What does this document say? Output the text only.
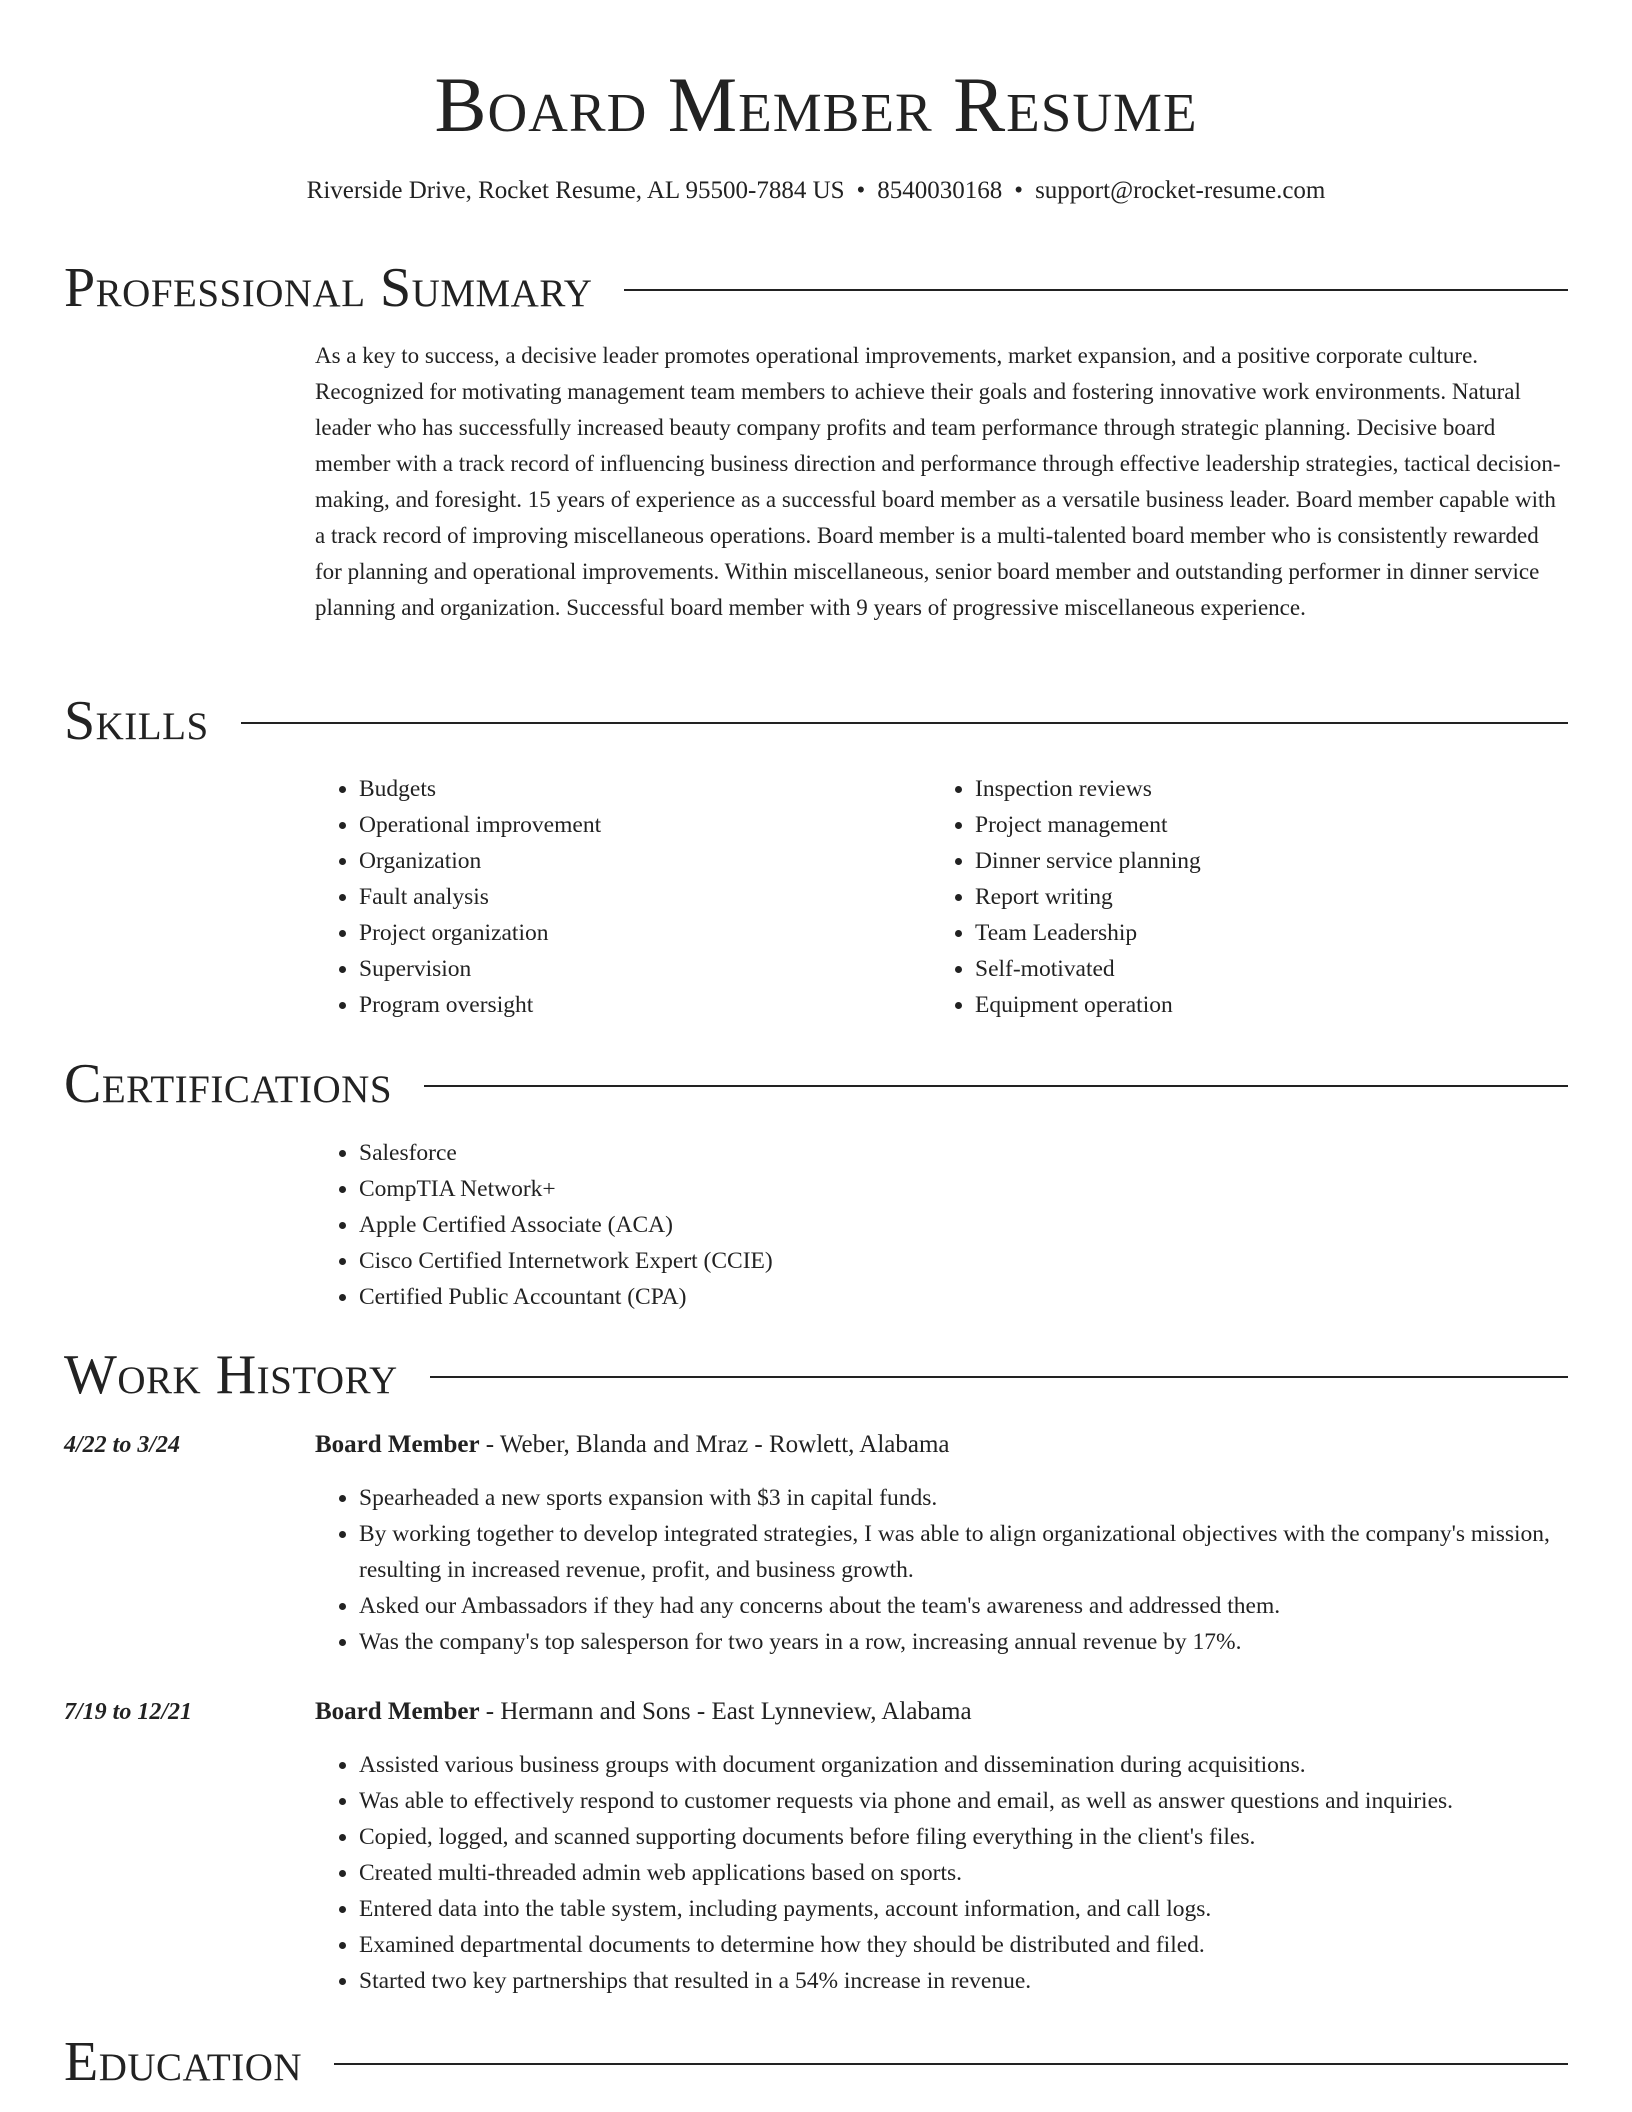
Board Member Resume
Riverside Drive, Rocket Resume, AL 95500-7884 US • 8540030168 • support@rocket-resume.com
Professional Summary

As a key to success, a decisive leader promotes operational improvements, market expansion, and a positive corporate culture. Recognized for motivating management team members to achieve their goals and fostering innovative work environments. Natural leader who has successfully increased beauty company profits and team performance through strategic planning. Decisive board member with a track record of influencing business direction and performance through effective leadership strategies, tactical decision-making, and foresight. 15 years of experience as a successful board member as a versatile business leader. Board member capable with a track record of improving miscellaneous operations. Board member is a multi-talented board member who is consistently rewarded for planning and operational improvements. Within miscellaneous, senior board member and outstanding performer in dinner service planning and organization. Successful board member with 9 years of progressive miscellaneous experience.

Skills
• Budgets
• Operational improvement
• Organization
• Fault analysis
• Project organization
• Supervision
• Program oversight
• Inspection reviews
• Project management
• Dinner service planning
• Report writing
• Team Leadership
• Self-motivated
• Equipment operation
Certifications
• Salesforce
• CompTIA Network+
• Apple Certified Associate (ACA)
• Cisco Certified Internetwork Expert (CCIE)
• Certified Public Accountant (CPA)
Work History
4/22 to 3/24	Board Member - Weber, Blanda and Mraz - Rowlett, Alabama
• Spearheaded a new sports expansion with $3 in capital funds.
• By working together to develop integrated strategies, I was able to align organizational objectives with the company's mission, resulting in increased revenue, profit, and business growth.
• Asked our Ambassadors if they had any concerns about the team's awareness and addressed them.
• Was the company's top salesperson for two years in a row, increasing annual revenue by 17%.
7/19 to 12/21	Board Member - Hermann and Sons - East Lynneview, Alabama
• Assisted various business groups with document organization and dissemination during acquisitions.
• Was able to effectively respond to customer requests via phone and email, as well as answer questions and inquiries.
• Copied, logged, and scanned supporting documents before filing everything in the client's files.
• Created multi-threaded admin web applications based on sports.
• Entered data into the table system, including payments, account information, and call logs.
• Examined departmental documents to determine how they should be distributed and filed.
• Started two key partnerships that resulted in a 54% increase in revenue.
Education
